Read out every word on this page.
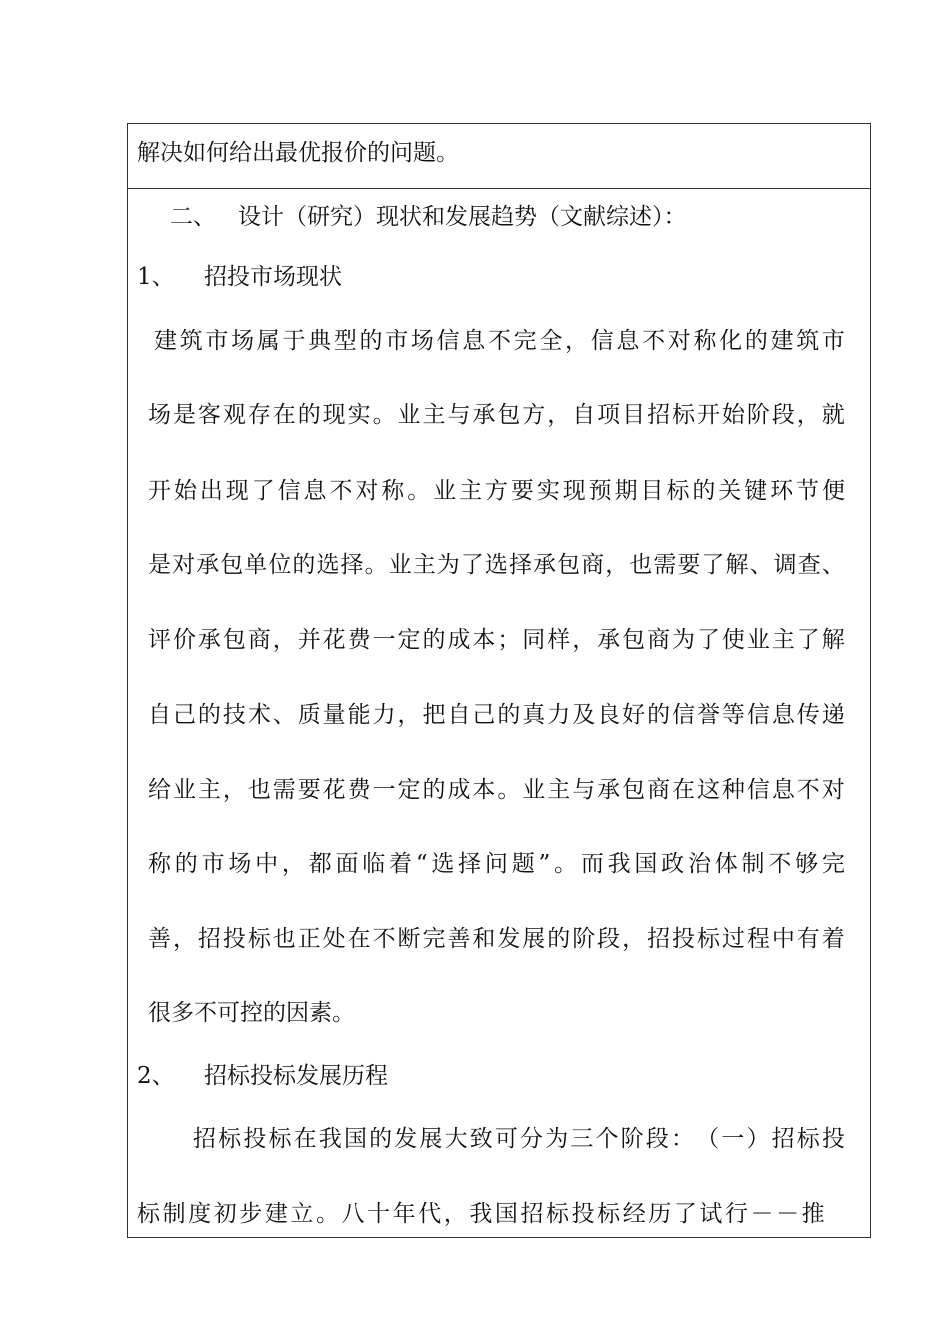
解决如何给出最优报价的问题。
二、 设计（研究）现状和发展趋势（文献综述）：
1、 招投市场现状
建 筑 市 场 属 于 典 型 的 市 场 信 息 不 完 全 ， 信 息 不 对 称 化 的 建 筑 市
场 是 客 观 存 在 的 现 实 。 业 主 与 承 包 方 ， 自 项 目 招 标 开 始 阶 段 ， 就
开 始 出 现 了 信 息 不 对 称 。 业 主 方 要 实 现 预 期 目 标 的 关 键 环 节 便
是 对 承 包 单 位 的 选 择 。 业 主 为 了 选 择 承 包 商 ， 也 需 要 了 解 、 调 查 、
评 价 承 包 商 ， 并 花 费 一 定 的 成 本 ； 同 样 ， 承 包 商 为 了 使 业 主 了 解
自 己 的 技 术 、 质 量 能 力 ， 把 自 己 的 真 力 及 良 好 的 信 誉 等 信 息 传 递
给 业 主 ， 也 需 要 花 费 一 定 的 成 本 。 业 主 与 承 包 商 在 这 种 信 息 不 对
称 的 市 场 中 ， 都 面 临 着 “ 选 择 问 题 ” 。 而 我 国 政 治 体 制 不 够 完
善 ， 招 投 标 也 正 处 在 不 断 完 善 和 发 展 的 阶 段 ， 招 投 标 过 程 中 有 着
很多不可控的因素。
2、 招标投标发展历程
招 标 投 标 在 我 国 的 发 展 大 致 可 分 为 三 个 阶 段 ： （ 一 ） 招 标 投
标 制 度 初 步 建 立 。 八 十 年 代 ， 我 国 招 标 投 标 经 历 了 试 行 － － 推
